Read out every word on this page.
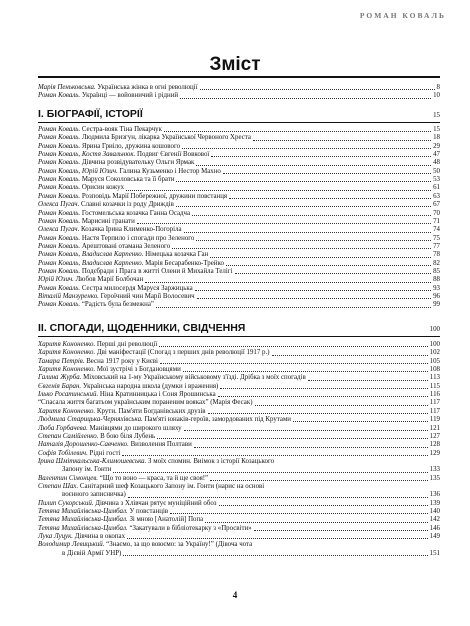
РОМАН КОВАЛЬ
Зміст
Марія Пеньковська. Українська жінка в огні революції	8
Роман Коваль. Українці — войовничий і рідний	10
I. БІОГРАФІЇ, ІСТОРІЇ	15
Роман Коваль. Сестра-вояк Тіна Пекарчук	15
Роман Коваль. Людмила Бризгун, лікарка Української Червоного Хреста	18
Роман Коваль. Ярина Гриіло, дружина кошового	29
Роман Коваль, Костя Завальнюк. Подвиг Євгенії Вовкової	47
Роман Коваль. Дівчина розвідувательку Ольги Ярмак	48
Роман Коваль, Юрій Юзич. Галина Кузьменко і Нестор Махно	50
Роман Коваль. Маруся Соколовська та її брати	53
Роман Коваль. Орисин кожух	61
Роман Коваль. Розповідь Марії Побережної, дружини повстанця	63
Олекса Пугач. Славні козачки із роду Дриждів	67
Роман Коваль. Гостомельська козачка Ганна Осадча	70
Роман Коваль. Марисині гранати	71
Олекса Пугач. Козачка Ірина Клименко-Погоріла	74
Роман Коваль. Настя Терпило і спогади про Зеленого	75
Роман Коваль. Арештовані отамана Зеленого	77
Роман Коваль, Владислав Карпенко. Німецька козачка Ган	78
Роман Коваль, Владислав Карпенко. Марія Бесарабенко-Трейко	82
Роман Коваль. Подєбради і Прага в житті Олени й Михайла Телігі	85
Юрій Юзич. Любов Марії Болбочан	88
Роман Коваль. Сестра милосердя Маруся Заржицька	93
Віталій Манзуренко. Героїчний чин Марії Волосевич	96
Роман Коваль. “Радість була безмежна”	99
II. СПОГАДИ, ЩОДЕННИКИ, СВІДЧЕННЯ	100
Харитя Кононенко. Перші дні революції	100
Харитя Кононенко. Дві маніфестації (Спогад з перших днів революції 1917 р.)	102
Тамара Петрів. Весна 1917 року у Києві	105
Харитя Кононенко. Мої зустрічі з Богдановцями	108
Галина Журба. Міховський на 1-му Українському військовому з'їзді. Дрібка з моїх спогадів	113
Євгенія Баран. Українська народна школа (думки і враження)	115
Ілько Росатинський. Ніна Кратинницька і Соня Ярошинська	116
“Спасала життя багатьом українським пораненим вояках” (Марія Фесак)	117
Харитя Кононенко. Крути. Пам'яти Богданівських друзів	117
Людмила Старицька-Черняхівська. Пам'яті юнаків-героїв, замордованих під Крутами	119
Люба Горбачева. Манівцями до широкого шляху	121
Степан Самійленко. В бою біля Лубень	127
Наталія Дорошенко-Савченко. Визволення Полтави	128
Софія Тобілевич. Рідні гості	129
Ірина Шміткальська-Климошевська. З моїх спомин. Виімок з історії Козацького
Запону ім. Гонти	133
Валентин Сімонцев. “Що то воно — краса, та й ще своя!”	135
Степан Шах. Санітарний шеф Козацького Запону ім. Гонти (нарис на основі
воєнного записничка)	136
Пилип Сукорський. Дівчина з Хлівчан рятує муніційний обоз	139
Тетяна Михайлівська-Цимбал. У повстанців	140
Тетяна Михайлівська-Цимбал. Зі мною [Анатолій] Попа	142
Тетяна Михайлівська-Цимбал. “Закатували в бібліотекарку з «Просвіти»	146
Лука Луцук. Дівчина в окопах	149
Володимир Левицький. “Знаємо, за що воюємо: за Україну!” (Дівоча чота
в Дієвій Армії УНР)	151
4
